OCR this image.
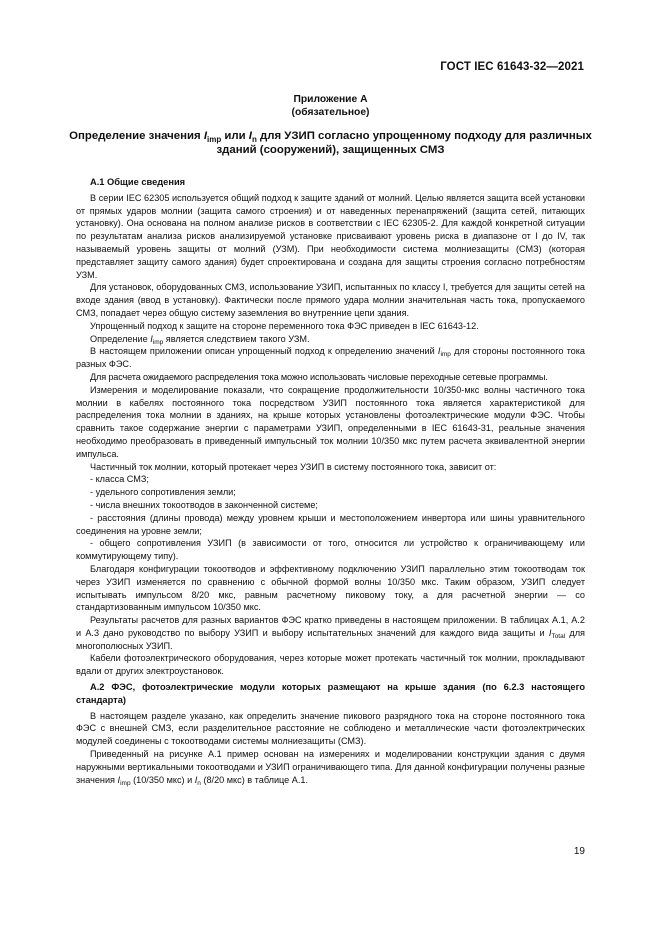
ГОСТ IEC 61643-32—2021
Приложение А
(обязательное)
Определение значения $I_{imp}$ или $I_n$ для УЗИП согласно упрощенному подходу для различных зданий (сооружений), защищенных СМЗ
А.1 Общие сведения

В серии IEC 62305 используется общий подход к защите зданий от молний. Целью является защита всей установки от прямых ударов молнии (защита самого строения) и от наведенных перенапряжений (защита сетей, питающих установку). Она основана на полном анализе рисков в соответствии с IEC 62305-2. Для каждой конкретной ситуации по результатам анализа рисков анализируемой установке присваивают уровень риска в диапазоне от I до IV, так называемый уровень защиты от молний (УЗМ). При необходимости система молниезащиты (СМЗ) (которая представляет защиту самого здания) будет спроектирована и создана для защиты строения согласно потребностям УЗМ.

Для установок, оборудованных СМЗ, использование УЗИП, испытанных по классу I, требуется для защиты сетей на входе здания (ввод в установку). Фактически после прямого удара молнии значительная часть тока, пропускаемого СМЗ, попадает через общую систему заземления во внутренние цепи здания.

Упрощенный подход к защите на стороне переменного тока ФЭС приведен в IEC 61643-12.

Определение $I_{imp}$ является следствием такого УЗМ.

В настоящем приложении описан упрощенный подход к определению значений $I_{imp}$ для стороны постоянного тока разных ФЭС.

Для расчета ожидаемого распределения тока можно использовать числовые переходные сетевые программы.

Измерения и моделирование показали, что сокращение продолжительности 10/350-мкс волны частичного тока молнии в кабелях постоянного тока посредством УЗИП постоянного тока является характеристикой для распределения тока молнии в зданиях, на крыше которых установлены фотоэлектрические модули ФЭС. Чтобы сравнить такое содержание энергии с параметрами УЗИП, определенными в IEC 61643-31, реальные значения необходимо преобразовать в приведенный импульсный ток молнии 10/350 мкс путем расчета эквивалентной энергии импульса.

Частичный ток молнии, который протекает через УЗИП в систему постоянного тока, зависит от:

- класса СМЗ;

- удельного сопротивления земли;

- числа внешних токоотводов в законченной системе;

- расстояния (длины провода) между уровнем крыши и местоположением инвертора или шины уравнительного соединения на уровне земли;

- общего сопротивления УЗИП (в зависимости от того, относится ли устройство к ограничивающему или коммутирующему типу).

Благодаря конфигурации токоотводов и эффективному подключению УЗИП параллельно этим токоотводам ток через УЗИП изменяется по сравнению с обычной формой волны 10/350 мкс. Таким образом, УЗИП следует испытывать импульсом 8/20 мкс, равным расчетному пиковому току, а для расчетной энергии — со стандартизованным импульсом 10/350 мкс.

Результаты расчетов для разных вариантов ФЭС кратко приведены в настоящем приложении. В таблицах А.1, А.2 и А.3 дано руководство по выбору УЗИП и выбору испытательных значений для каждого вида защиты и $I_{Total}$ для многополюсных УЗИП.

Кабели фотоэлектрического оборудования, через которые может протекать частичный ток молнии, прокладывают вдали от других электроустановок.

А.2 ФЭС, фотоэлектрические модули которых размещают на крыше здания (по 6.2.3 настоящего стандарта)

В настоящем разделе указано, как определить значение пикового разрядного тока на стороне постоянного тока ФЭС с внешней СМЗ, если разделительное расстояние не соблюдено и металлические части фотоэлектрических модулей соединены с токоотводами системы молниезащиты (СМЗ).

Приведенный на рисунке А.1 пример основан на измерениях и моделировании конструкции здания с двумя наружными вертикальными токоотводами и УЗИП ограничивающего типа. Для данной конфигурации получены разные значения $I_{imp}$ (10/350 мкс) и $I_n$ (8/20 мкс) в таблице А.1.

19
